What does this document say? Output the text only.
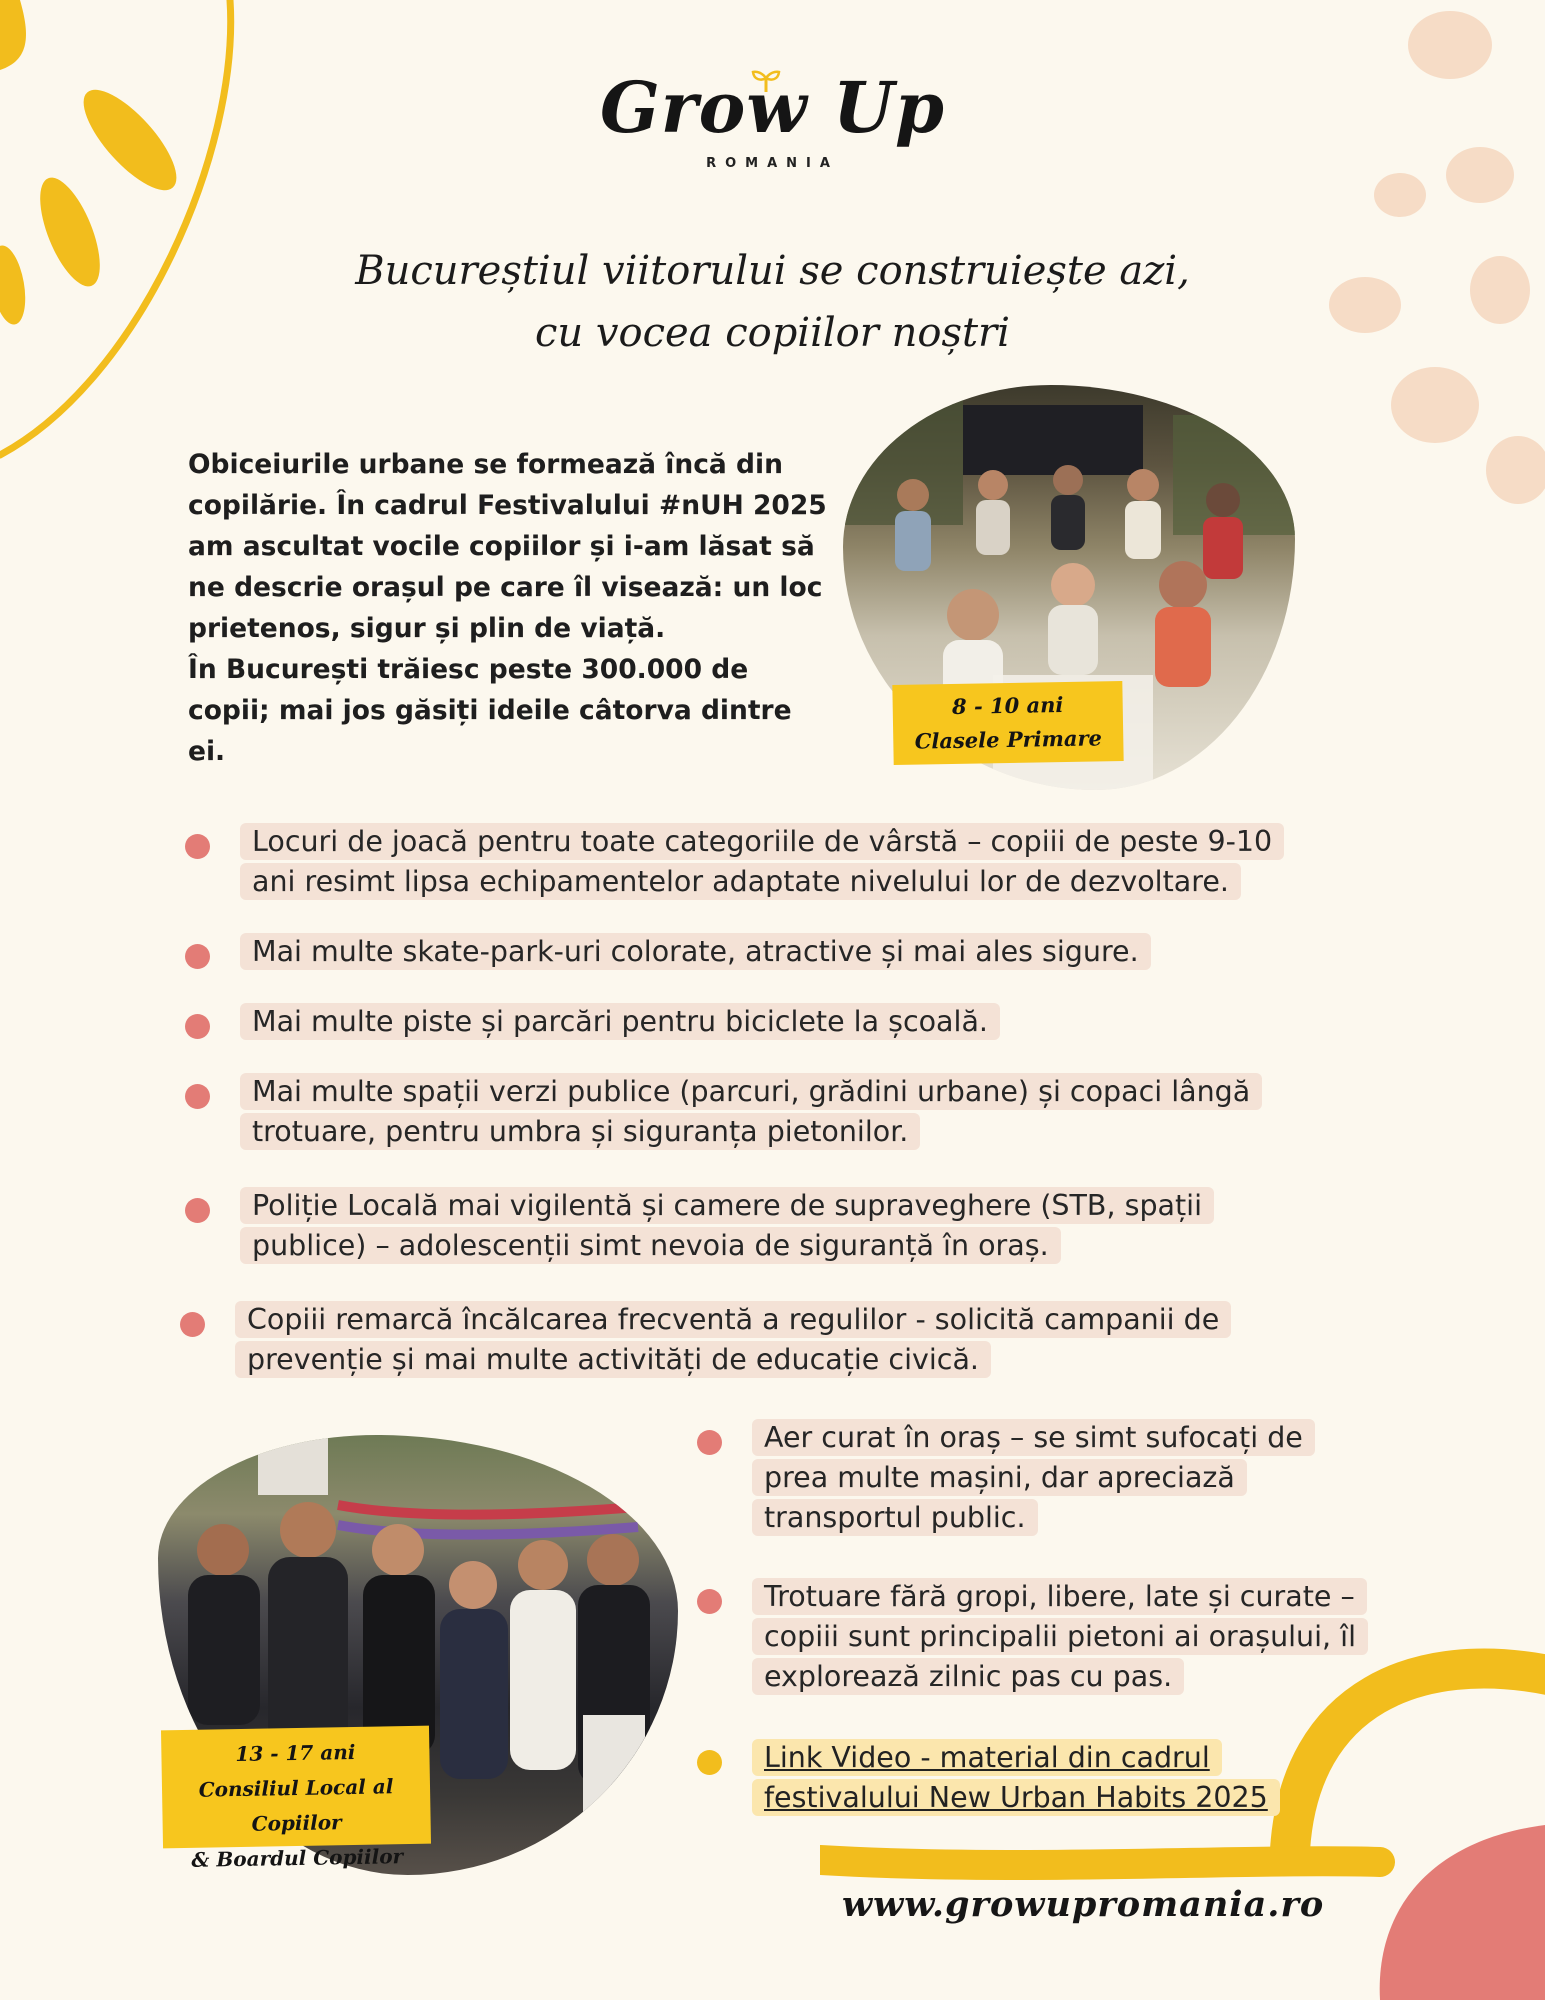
Grow Up
ROMANIA
Bucureștiul viitorului se construiește azi,
cu vocea copiilor noștri

Obiceiurile urbane se formează încă din copilărie. În cadrul Festivalului #nUH 2025 am ascultat vocile copiilor și i-am lăsat să ne descrie orașul pe care îl visează: un loc prietenos, sigur și plin de viață.

În București trăiesc peste 300.000 de copii; mai jos găsiți ideile câtorva dintre ei.

8 - 10 ani
Clasele Primare
Locuri de joacă pentru toate categoriile de vârstă – copiii de peste 9-10 ani resimt lipsa echipamentelor adaptate nivelului lor de dezvoltare.
Mai multe skate-park-uri colorate, atractive și mai ales sigure.
Mai multe piste și parcări pentru biciclete la școală.
Mai multe spații verzi publice (parcuri, grădini urbane) și copaci lângă trotuare, pentru umbra și siguranța pietonilor.
Poliție Locală mai vigilentă și camere de supraveghere (STB, spații publice) – adolescenții simt nevoia de siguranță în oraș.
Copiii remarcă încălcarea frecventă a regulilor - solicită campanii de prevenție și mai multe activități de educație civică.
13 - 17 ani
Consiliul Local al Copiilor
& Boardul Copiilor
Aer curat în oraș – se simt sufocați de prea multe mașini, dar apreciază transportul public.
Trotuare fără gropi, libere, late și curate – copiii sunt principalii pietoni ai orașului, îl explorează zilnic pas cu pas.
Link Video - material din cadrul festivalului New Urban Habits 2025
www.growupromania.ro
